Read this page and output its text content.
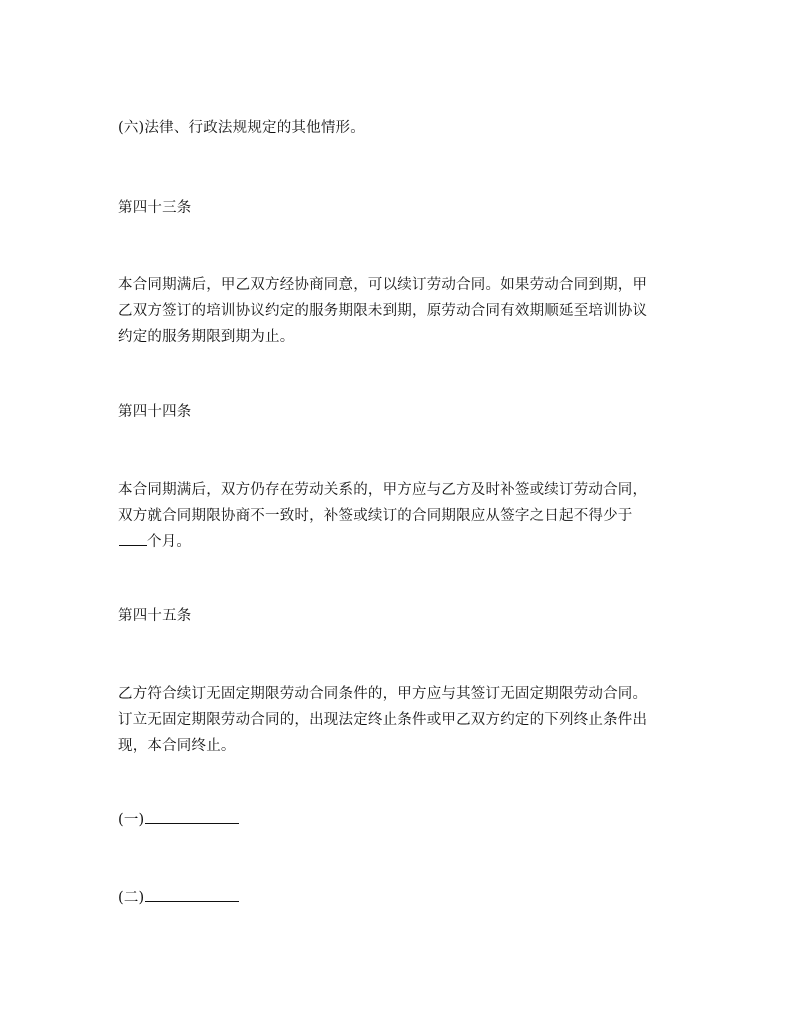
(六)法律、行政法规规定的其他情形。
第四十三条
本合同期满后，甲乙双方经协商同意，可以续订劳动合同。如果劳动合同到期，甲
乙双方签订的培训协议约定的服务期限未到期，原劳动合同有效期顺延至培训协议
约定的服务期限到期为止。
第四十四条
本合同期满后，双方仍存在劳动关系的，甲方应与乙方及时补签或续订劳动合同，
双方就合同期限协商不一致时，补签或续订的合同期限应从签字之日起不得少于
个月。
第四十五条
乙方符合续订无固定期限劳动合同条件的，甲方应与其签订无固定期限劳动合同。
订立无固定期限劳动合同的，出现法定终止条件或甲乙双方约定的下列终止条件出
现，本合同终止。
(一)
(二)
